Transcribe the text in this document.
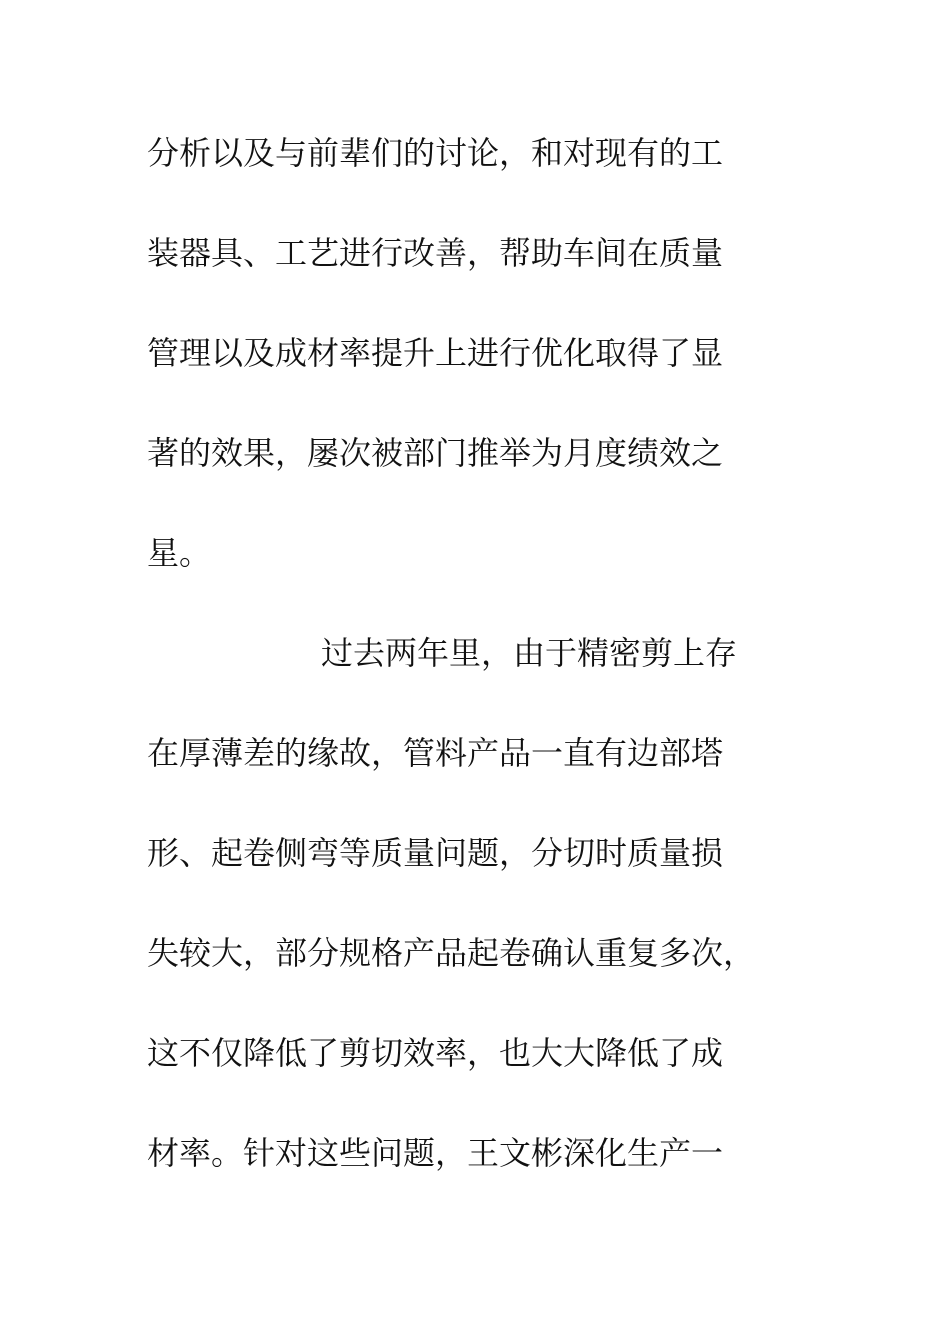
分析以及与前辈们的讨论，和对现有的工
装器具、工艺进行改善，帮助车间在质量
管理以及成材率提升上进行优化取得了显
著的效果，屡次被部门推举为月度绩效之
星。
过去两年里，由于精密剪上存
在厚薄差的缘故，管料产品一直有边部塔
形、起卷侧弯等质量问题，分切时质量损
失较大，部分规格产品起卷确认重复多次，
这不仅降低了剪切效率，也大大降低了成
材率。针对这些问题，王文彬深化生产一
